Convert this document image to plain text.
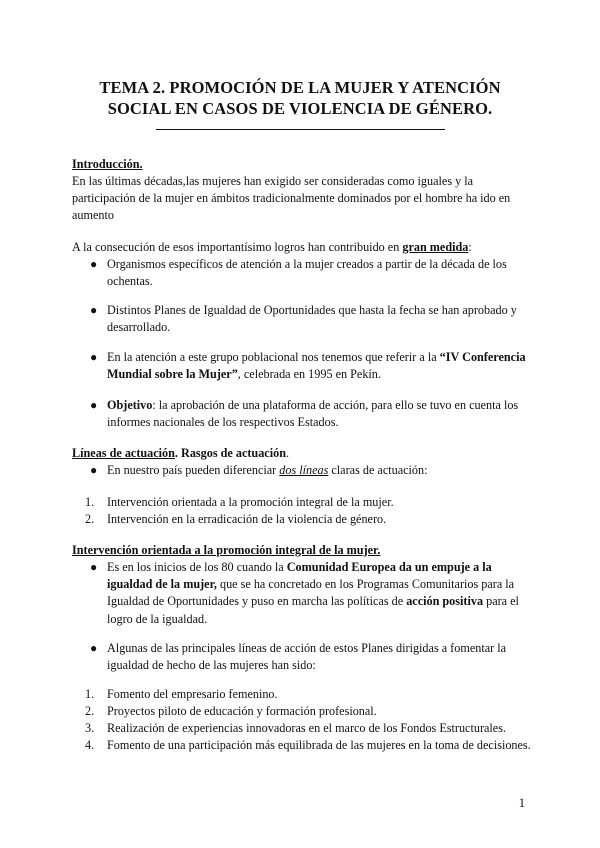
TEMA 2. PROMOCIÓN DE LA MUJER Y ATENCIÓN
SOCIAL EN CASOS DE VIOLENCIA DE GÉNERO.
Introducción.
En las últimas décadas,las mujeres han exigido ser consideradas como iguales y la participación de la mujer en ámbitos tradicionalmente dominados por el hombre ha ido en aumento
A la consecución de esos importantísimo logros han contribuido en gran medida:
● Organismos específicos de atención a la mujer creados a partir de la década de los ochentas.
● Distintos Planes de Igualdad de Oportunidades que hasta la fecha se han aprobado y desarrollado.
● En la atención a este grupo poblacional nos tenemos que referir a la “IV Conferencia Mundial sobre la Mujer”, celebrada en 1995 en Pekín.
● Objetivo: la aprobación de una plataforma de acción, para ello se tuvo en cuenta los informes nacionales de los respectivos Estados.
Líneas de actuación. Rasgos de actuación.
● En nuestro país pueden diferenciar dos líneas claras de actuación:
1. Intervención orientada a la promoción integral de la mujer.
2. Intervención en la erradicación de la violencia de género.
Intervención orientada a la promoción integral de la mujer.
● Es en los inicios de los 80 cuando la Comunidad Europea da un empuje a la igualdad de la mujer, que se ha concretado en los Programas Comunitarios para la Igualdad de Oportunidades y puso en marcha las políticas de acción positiva para el logro de la igualdad.
● Algunas de las principales líneas de acción de estos Planes dirigidas a fomentar la igualdad de hecho de las mujeres han sido:
1. Fomento del empresario femenino.
2. Proyectos piloto de educación y formación profesional.
3. Realización de experiencias innovadoras en el marco de los Fondos Estructurales.
4. Fomento de una participación más equilibrada de las mujeres en la toma de decisiones.
1
